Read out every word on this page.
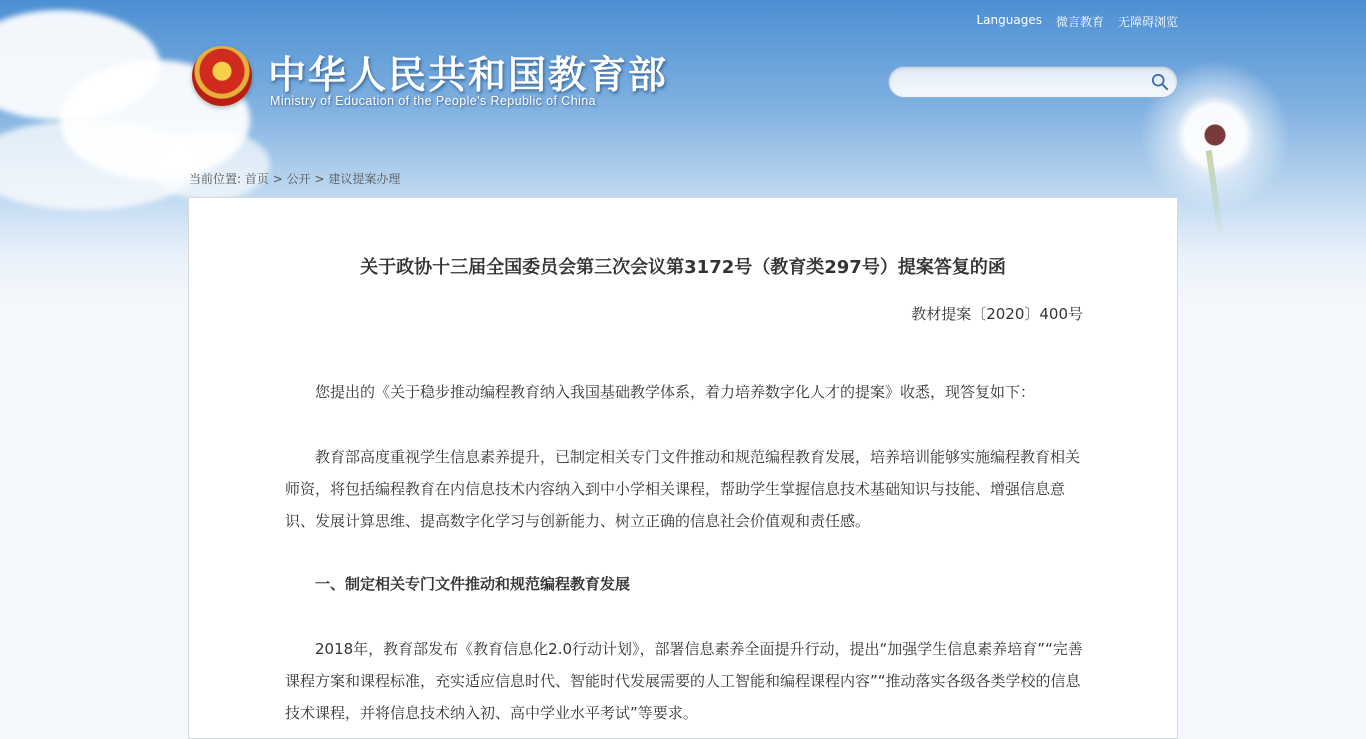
Languages 微言教育 无障碍浏览
中华人民共和国教育部
Ministry of Education of the People's Republic of China
当前位置: 首页 > 公开 > 建议提案办理
关于政协十三届全国委员会第三次会议第3172号（教育类297号）提案答复的函
教材提案〔2020〕400号

您提出的《关于稳步推动编程教育纳入我国基础教学体系，着力培养数字化人才的提案》收悉，现答复如下：

教育部高度重视学生信息素养提升，已制定相关专门文件推动和规范编程教育发展，培养培训能够实施编程教育相关师资，将包括编程教育在内信息技术内容纳入到中小学相关课程，帮助学生掌握信息技术基础知识与技能、增强信息意识、发展计算思维、提高数字化学习与创新能力、树立正确的信息社会价值观和责任感。

一、制定相关专门文件推动和规范编程教育发展

2018年，教育部发布《教育信息化2.0行动计划》，部署信息素养全面提升行动，提出“加强学生信息素养培育”“完善课程方案和课程标准，充实适应信息时代、智能时代发展需要的人工智能和编程课程内容”“推动落实各级各类学校的信息技术课程，并将信息技术纳入初、高中学业水平考试”等要求。
